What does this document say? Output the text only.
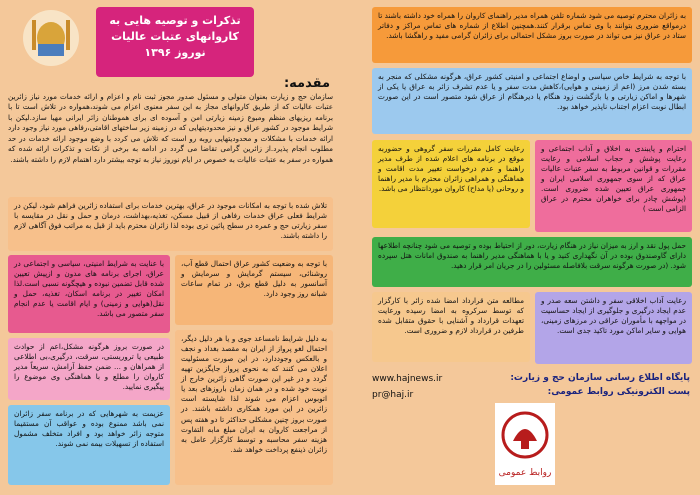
تذکرات و توصیه هایی به
کاروانهای عتبات عالیات
نوروز ۱۳۹۶
مقدمه:
سازمان حج و زیارت بعنوان متولی و مسئول صدور مجوز ثبت نام و اعزام و ارائه خدمات مورد نیاز زائرین عتبات عالیات که از طریق کاروانهای مجاز به این سفر معنوی اعزام می شوند،همواره در تلاش است تا با برنامه ریزیهای منظم ومبوع زمینه زیارتی امن و آسوده ای برای هموطنان زائر ایرانی مهیا سازد.لیکن با شرایط موجود در کشور عراق و نیز محدودیتهایی که در زمینه زیر ساختهای اقامتی،رفاهی مورد نیاز وجود دارد ارائه خدمات با مشکلات و محدودیتهایی روبه رو است که تلاش می کردد با وضع موجود ارائه خدمات در حد مطلوب انجام پذیرد.از زائرین گرامی تقاضا می گردد در ادامه به برخی از نکات و تذکرات ارائه شده که همواره در سفر به عتبات عالیات به خصوص در ایام نوروز نیاز به توجه بیشتر دارد اهتمام لازم را داشته باشند.
تلاش شده با توجه به امکانات موجود در عراق، بهترین خدمات برای استفاده زائرین فراهم شود، لیکن در شرایط فعلی عراق خدمات رفاهی از قبیل مسکن، تغذیه،بهداشت، درمان و حمل و نقل در مقایسه با سفر زیارتی حج و عمره در سطح پائین تری بوده لذا زائران محترم باید از قبل به مراتب فوق آگاهی لازم را داشته باشند.
با توجه به وضعیت کشور عراق احتمال قطع آب، روشنائی، سیستم گرمایش و سرمایش و آسانسور به دلیل قطع برق، در تمام ساعات شبانه روز وجود دارد.
با عنایت به شرایط امنیتی، سیاسی و اجتماعی در عراق، اجرای برنامه های مدون و ازپیش تعیین شده قابل تضمین نبوده و هیچگونه نسبی است.لذا امکان تغییر در برنامه اسکان، تغذیه، حمل و نقل(هوایی و زمینی) و ایام اقامت یا عدم انجام سفر متصور می باشد.
در صورت بروز هرگونه مشکل،اعم از حوادث طبیعی یا تروریستی، سرقت، درگیری،بی اطلاعی از همراهان و ... ضمن حفظ آرامش، سریعاً مدیر کاروان را مطلع و با هماهنگی وی موضوع را پیگیری نمایید.
به دلیل شرایط نامساعد جوی و یا هر دلیل دیگر، احتمال لغو پرواز از ایران به مقصد بغداد و نجف و بالعکس وجوددارد، در این صورت مسئولیت اعلان می کنند که به نحوی پرواز جایگزین تهیه گردد و در غیر این صورت گاهی زائرین خارج از نوبت خود شده و در همان زمان باروزهای بعد یا اتوبوس اعزام می شوند لذا شایسته است زائرین در این مورد همکاری داشته باشند. در صورت بروز چنین مشکلی حداکثر تا دو هفته پس از مراجعت کاروان به ایران مبلغ مابه التفاوت هزینه سفر محاسبه و توسط کارگزار عامل به زائران ذینفع پرداخت خواهد شد.
عزیمت به شهرهایی که در برنامه سفر زائران نمی باشد ممنوع بوده و عواقب آن مستقیما متوجه زائر خواهد بود و افراد متخلف مشمول استفاده از تسهیلات بیمه نمی شوند.
به زائران محترم توصیه می شود شماره تلفن همراه مدیر راهنمای کاروان را همراه خود داشته باشند تا درمواقع ضروری بتوانند با وی تماس برقرار کنند.همچنین اطلاع از شماره های تماس مراکز و دفاتر ستاد در عراق نیز می تواند در صورت بروز مشکل احتمالی برای زائران گرامی مفید و راهگشا باشد.
با توجه به شرایط خاص سیاسی و اوضاع اجتماعی و امنیتی کشور عراق، هرگونه مشکلی که منجر به بسته شدن مرز (اعم از زمینی و هوایی)،کاهش مدت سفر و یا عدم تشرف زائر به عراق یا یکی از شهرها و اماکن زیارتی و یا بازگشت زود هنگام یا دیرهنگام از عراق شود متصور است در این صورت ابطال نوبت اعزام اجتناب ناپذیر خواهد بود.
رعایت کامل مقررات سفر گروهی و حضوربه موقع در برنامه های اعلام شده از طرف مدیر راهنما و عدم درخواست تغییر مدت اقامت و هماهنگی و همراهی زائران محترم با مدیر راهنما و روحانی (یا مداح) کاروان موردانتظار می باشد.
احترام و پایبندی به اخلاق و آداب اجتماعی و رعایت پوشش و حجاب اسلامی و رعایت مقررات و قوانین مربوط به سفر عتبات عالیات عراق که از سوی جمهوری اسلامی ایران و جمهوری عراق تعیین شده ضروری است. (پوشش چادر برای خواهران محترم در عراق الزامی است )
حمل پول نقد و ارز به میزان نیاز در هنگام زیارت، دور از احتیاط بوده و توصیه می شود چنانچه اطلاعها دارای گاوصندوق بوده در آن نگهداری کنید و یا با هماهنگی مدیر راهنما به صندوق امانات هتل سپرده شود. (در صورت هرگونه سرقت بلافاصله مسئولین را در جریان امر قرار دهید.
مطالعه متن قرارداد امضا شده زائر با کارگزار که توسط سرکروه به امضا رسیده ورعایت تعهدات قرارداد و آشنایی با حقوق متقابل شده طرفین در قرارداد لازم و ضروری است.
رعایت آداب اخلاقی سفر و داشتن سعه صدر و عدم ایجاد درگیری و جلوگیری از ایجاد حساسیت در مواجهه با مأموران عراقی در مرزهای زمینی، هوایی و سایر اماکن مورد تاکید جدی است.
پایگاه اطلاع رسانی سازمان حج و زیارت:
پست الکترونیکی روابط عمومی:
www.hajnews.ir
pr@haj.ir
روابط عمومی
